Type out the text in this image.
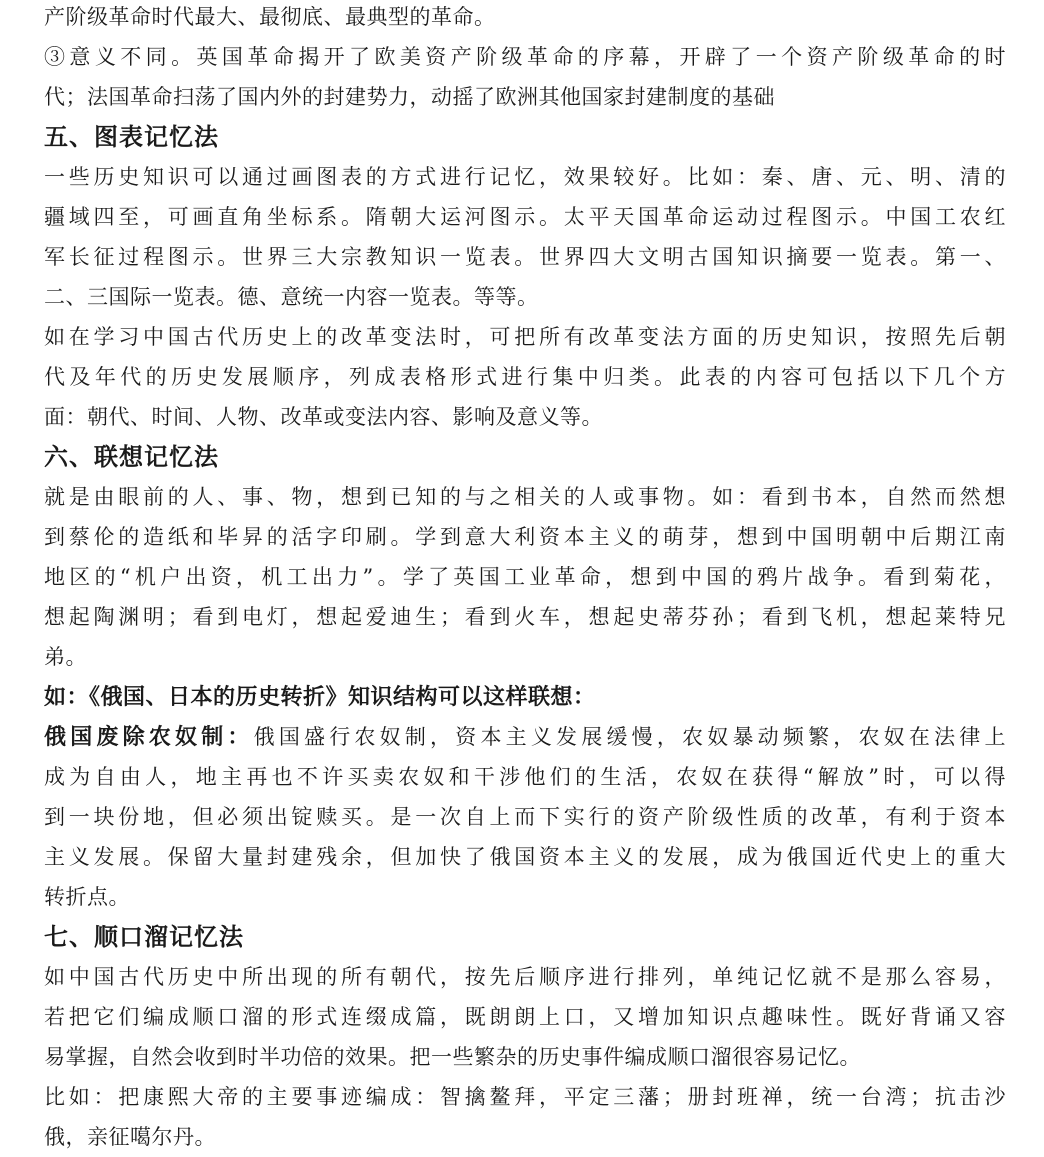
产阶级革命时代最大、最彻底、最典型的革命。
③意义不同。英国革命揭开了欧美资产阶级革命的序幕，开辟了一个资产阶级革命的时
代；法国革命扫荡了国内外的封建势力，动摇了欧洲其他国家封建制度的基础
五、图表记忆法
一些历史知识可以通过画图表的方式进行记忆，效果较好。比如：秦、唐、元、明、清的
疆域四至，可画直角坐标系。隋朝大运河图示。太平天国革命运动过程图示。中国工农红
军长征过程图示。世界三大宗教知识一览表。世界四大文明古国知识摘要一览表。第一、
二、三国际一览表。德、意统一内容一览表。等等。
如在学习中国古代历史上的改革变法时，可把所有改革变法方面的历史知识，按照先后朝
代及年代的历史发展顺序，列成表格形式进行集中归类。此表的内容可包括以下几个方
面：朝代、时间、人物、改革或变法内容、影响及意义等。
六、联想记忆法
就是由眼前的人、事、物，想到已知的与之相关的人或事物。如：看到书本，自然而然想
到蔡伦的造纸和毕昇的活字印刷。学到意大利资本主义的萌芽，想到中国明朝中后期江南
地区的“机户出资，机工出力”。学了英国工业革命，想到中国的鸦片战争。看到菊花，
想起陶渊明；看到电灯，想起爱迪生；看到火车，想起史蒂芬孙；看到飞机，想起莱特兄
弟。
如：《俄国、日本的历史转折》知识结构可以这样联想：
俄国废除农奴制：俄国盛行农奴制，资本主义发展缓慢，农奴暴动频繁，农奴在法律上
成为自由人，地主再也不许买卖农奴和干涉他们的生活，农奴在获得“解放”时，可以得
到一块份地，但必须出锭赎买。是一次自上而下实行的资产阶级性质的改革，有利于资本
主义发展。保留大量封建残余，但加快了俄国资本主义的发展，成为俄国近代史上的重大
转折点。
七、顺口溜记忆法
如中国古代历史中所出现的所有朝代，按先后顺序进行排列，单纯记忆就不是那么容易，
若把它们编成顺口溜的形式连缀成篇，既朗朗上口，又增加知识点趣味性。既好背诵又容
易掌握，自然会收到时半功倍的效果。把一些繁杂的历史事件编成顺口溜很容易记忆。
比如：把康熙大帝的主要事迹编成：智擒鳌拜，平定三藩；册封班禅，统一台湾；抗击沙
俄，亲征噶尔丹。
